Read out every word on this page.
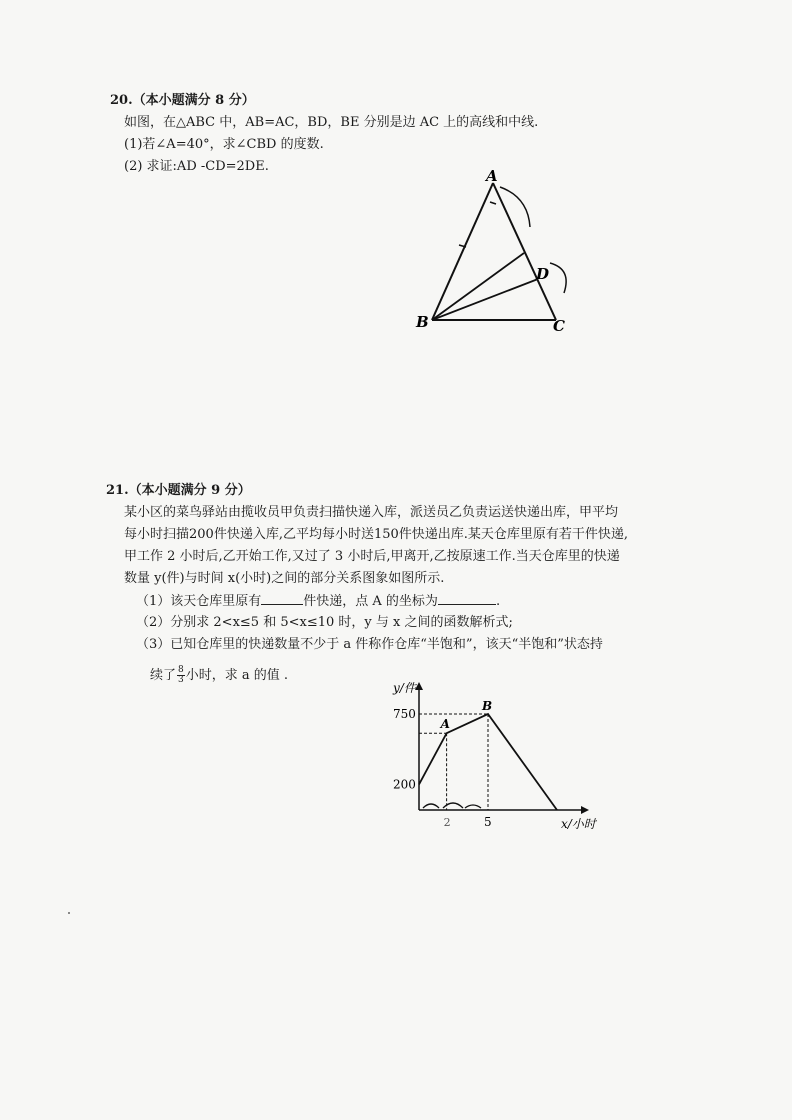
20.（本小题满分 8 分）
如图，在△ABC 中，AB=AC，BD，BE 分别是边 AC 上的高线和中线.
(1)若∠A=40°，求∠CBD 的度数.
(2) 求证:AD -CD=2DE.
A
B	C
D
21.（本小题满分 9 分）
某小区的菜鸟驿站由揽收员甲负责扫描快递入库，派送员乙负责运送快递出库，甲平均
每小时扫描200件快递入库,乙平均每小时送150件快递出库.某天仓库里原有若干件快递,
甲工作 2 小时后,乙开始工作,又过了 3 小时后,甲离开,乙按原速工作.当天仓库里的快递
数量 y(件)与时间 x(小时)之间的部分关系图象如图所示.
（1）该天仓库里原有	件快递，点 A 的坐标为	.
（2）分别求 2<x≤5 和 5<x≤10 时，y 与 x 之间的函数解析式;
（3）已知仓库里的快递数量不少于 a 件称作仓库“半饱和”，该天“半饱和”状态持
续了 $\frac{8}{3}$ 小时，求 a 的值 .
y/件
x/小时
750
200
2	5
A
B
